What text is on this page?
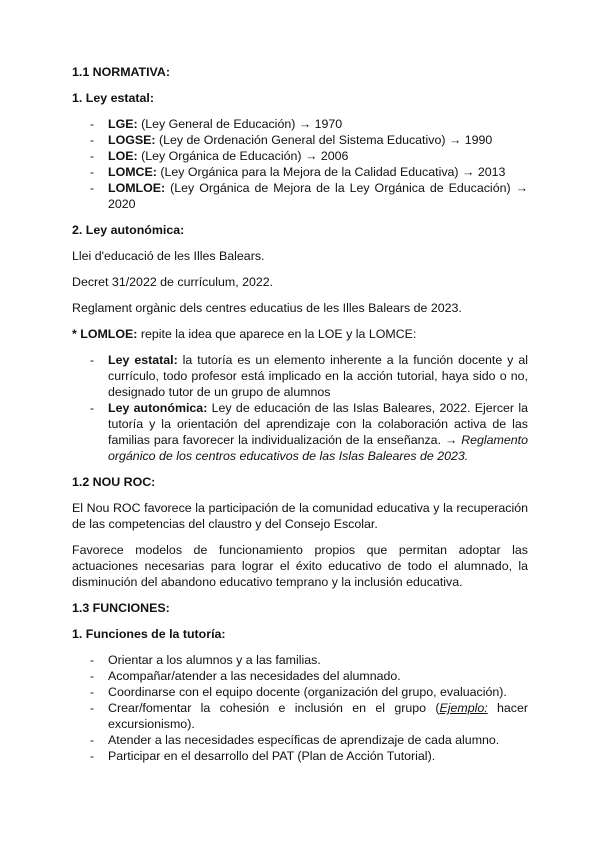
1.1 NORMATIVA:

1. Ley estatal:

- LGE: (Ley General de Educación) → 1970
- LOGSE: (Ley de Ordenación General del Sistema Educativo) → 1990
- LOE: (Ley Orgánica de Educación) → 2006
- LOMCE: (Ley Orgánica para la Mejora de la Calidad Educativa) → 2013
- LOMLOE: (Ley Orgánica de Mejora de la Ley Orgánica de Educación) → 2020

2. Ley autonómica:

Llei d'educació de les Illes Balears.

Decret 31/2022 de currículum, 2022.

Reglament orgànic dels centres educatius de les Illes Balears de 2023.

* LOMLOE: repite la idea que aparece en la LOE y la LOMCE:

- Ley estatal: la tutoría es un elemento inherente a la función docente y al currículo, todo profesor está implicado en la acción tutorial, haya sido o no, designado tutor de un grupo de alumnos
- Ley autonómica: Ley de educación de las Islas Baleares, 2022. Ejercer la tutoría y la orientación del aprendizaje con la colaboración activa de las familias para favorecer la individualización de la enseñanza. → Reglamento orgánico de los centros educativos de las Islas Baleares de 2023.

1.2 NOU ROC:

El Nou ROC favorece la participación de la comunidad educativa y la recuperación de las competencias del claustro y del Consejo Escolar.

Favorece modelos de funcionamiento propios que permitan adoptar las actuaciones necesarias para lograr el éxito educativo de todo el alumnado, la disminución del abandono educativo temprano y la inclusión educativa.

1.3 FUNCIONES:

1. Funciones de la tutoría:

- Orientar a los alumnos y a las familias.
- Acompañar/atender a las necesidades del alumnado.
- Coordinarse con el equipo docente (organización del grupo, evaluación).
- Crear/fomentar la cohesión e inclusión en el grupo (Ejemplo: hacer excursionismo).
- Atender a las necesidades específicas de aprendizaje de cada alumno.
- Participar en el desarrollo del PAT (Plan de Acción Tutorial).
